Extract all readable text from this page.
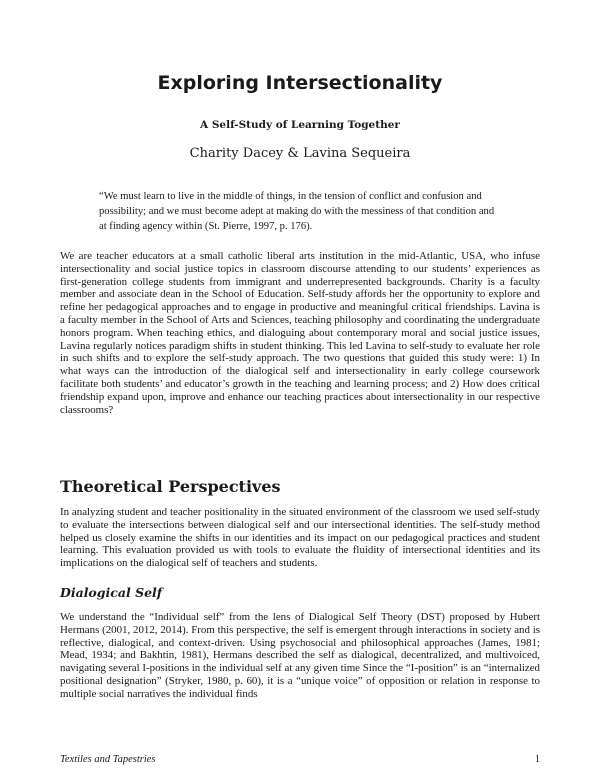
Exploring Intersectionality
A Self-Study of Learning Together
Charity Dacey & Lavina Sequeira
“We must learn to live in the middle of things, in the tension of conflict and confusion and possibility; and we must become adept at making do with the messiness of that condition and at finding agency within (St. Pierre, 1997, p. 176).
We are teacher educators at a small catholic liberal arts institution in the mid-Atlantic, USA, who infuse intersectionality and social justice topics in classroom discourse attending to our students’ experiences as first-generation college students from immigrant and underrepresented backgrounds. Charity is a faculty member and associate dean in the School of Education. Self-study affords her the opportunity to explore and refine her pedagogical approaches and to engage in productive and meaningful critical friendships. Lavina is a faculty member in the School of Arts and Sciences, teaching philosophy and coordinating the undergraduate honors program. When teaching ethics, and dialoguing about contemporary moral and social justice issues, Lavina regularly notices paradigm shifts in student thinking. This led Lavina to self-study to evaluate her role in such shifts and to explore the self-study approach. The two questions that guided this study were: 1) In what ways can the introduction of the dialogical self and intersectionality in early college coursework facilitate both students’ and educator’s growth in the teaching and learning process; and 2) How does critical friendship expand upon, improve and enhance our teaching practices about intersectionality in our respective classrooms?
Theoretical Perspectives
In analyzing student and teacher positionality in the situated environment of the classroom we used self-study to evaluate the intersections between dialogical self and our intersectional identities. The self-study method helped us closely examine the shifts in our identities and its impact on our pedagogical practices and student learning. This evaluation provided us with tools to evaluate the fluidity of intersectional identities and its implications on the dialogical self of teachers and students.
Dialogical Self
We understand the “Individual self” from the lens of Dialogical Self Theory (DST) proposed by Hubert Hermans (2001, 2012, 2014). From this perspective, the self is emergent through interactions in society and is reflective, dialogical, and context-driven. Using psychosocial and philosophical approaches (James, 1981; Mead, 1934; and Bakhtin, 1981), Hermans described the self as dialogical, decentralized, and multivoiced, navigating several I-positions in the individual self at any given time Since the “I-position” is an “internalized positional designation” (Stryker, 1980, p. 60), it is a “unique voice” of opposition or relation in response to multiple social narratives the individual finds
Textiles and Tapestries	1
